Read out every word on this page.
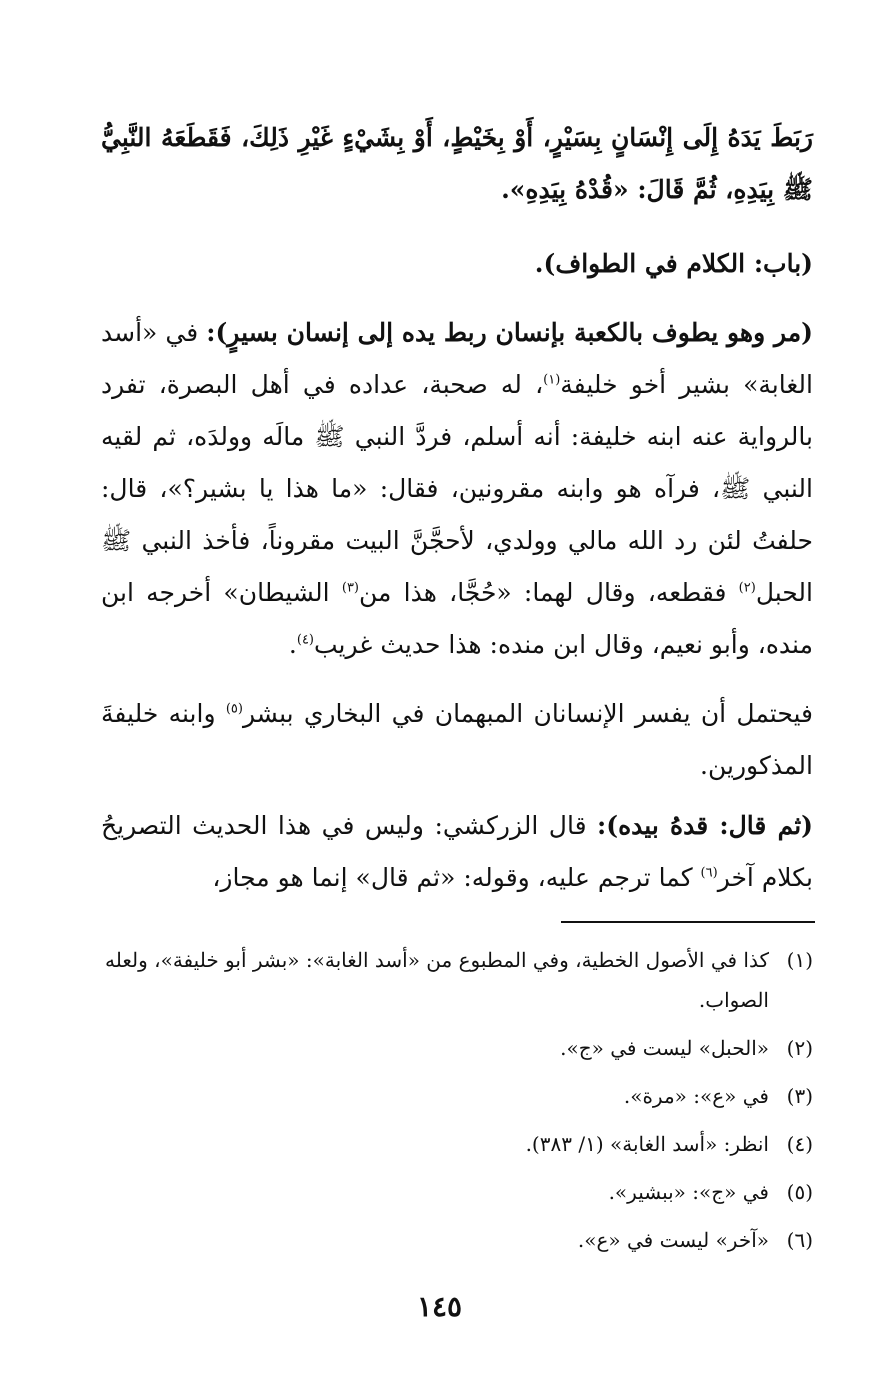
رَبَطَ يَدَهُ إِلَى إِنْسَانٍ بِسَيْرٍ، أَوْ بِخَيْطٍ، أَوْ بِشَيْءٍ غَيْرِ ذَلِكَ، فَقَطَعَهُ النَّبِيُّ ﷺ بِيَدِهِ، ثُمَّ قَالَ: «قُدْهُ بِيَدِهِ».

(باب: الكلام في الطواف).

(مر وهو يطوف بالكعبة بإنسان ربط يده إلى إنسان بسيرٍ): في «أسد الغابة» بشير أخو خليفة$^{(١)}$، له صحبة، عداده في أهل البصرة، تفرد بالرواية عنه ابنه خليفة: أنه أسلم، فردَّ النبي ﷺ مالَه وولدَه، ثم لقيه النبي ﷺ، فرآه هو وابنه مقرونين، فقال: «ما هذا يا بشير؟»، قال: حلفتُ لئن رد الله مالي وولدي، لأحجَّنَّ البيت مقروناً، فأخذ النبي ﷺ الحبل$^{(٢)}$ فقطعه، وقال لهما: «حُجَّا، هذا من$^{(٣)}$ الشيطان» أخرجه ابن منده، وأبو نعيم، وقال ابن منده: هذا حديث غريب$^{(٤)}$.

فيحتمل أن يفسر الإنسانان المبهمان في البخاري ببشر$^{(٥)}$ وابنه خليفةَ المذكورين.

(ثم قال: قدهُ بيده): قال الزركشي: وليس في هذا الحديث التصريحُ بكلام آخر$^{(٦)}$ كما ترجم عليه، وقوله: «ثم قال» إنما هو مجاز،

(١)
كذا في الأصول الخطية، وفي المطبوع من «أسد الغابة»: «بشر أبو خليفة»، ولعله الصواب.
(٢)
«الحبل» ليست في «ج».
(٣)
في «ع»: «مرة».
(٤)
انظر: «أسد الغابة» (١/ ٣٨٣).
(٥)
في «ج»: «ببشير».
(٦)
«آخر» ليست في «ع».
١٤٥
